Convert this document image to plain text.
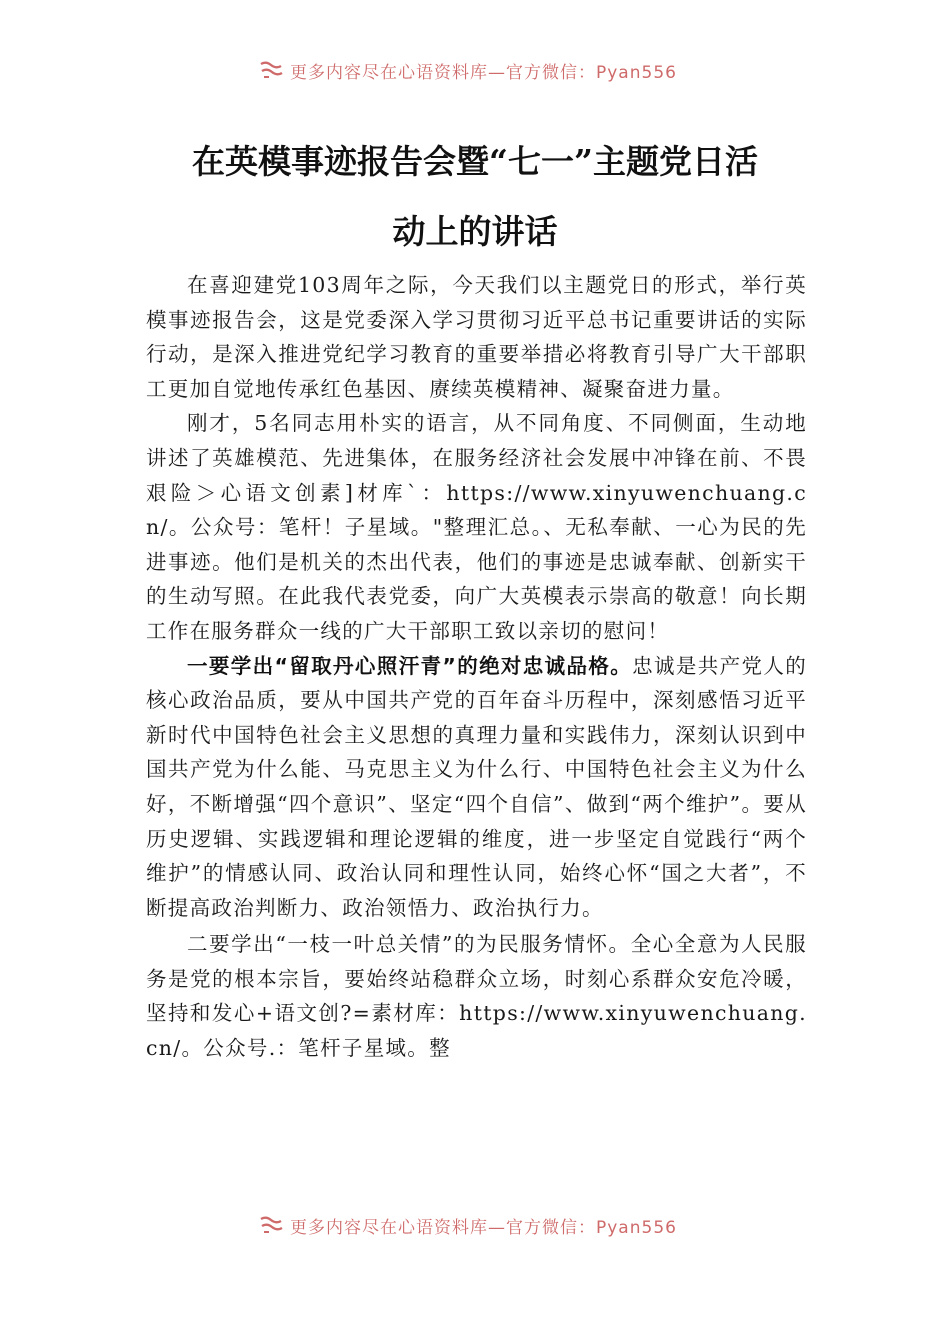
更多内容尽在心语资料库—官方微信：Pyan556
在英模事迹报告会暨“七一”主题党日活
动上的讲话

在喜迎建党103周年之际，今天我们以主题党日的形式，举行英模事迹报告会，这是党委深入学习贯彻习近平总书记重要讲话的实际行动，是深入推进党纪学习教育的重要举措必将教育引导广大干部职工更加自觉地传承红色基因、赓续英模精神、凝聚奋进力量。

刚才，5名同志用朴实的语言，从不同角度、不同侧面，生动地讲述了英雄模范、先进集体，在服务经济社会发展中冲锋在前、不畏艰险＞心语文创素]材库`：https://www.xinyuwenchuang.cn/。公众号：笔杆！子星域。"整理汇总。、无私奉献、一心为民的先进事迹。他们是机关的杰出代表，他们的事迹是忠诚奉献、创新实干的生动写照。在此我代表党委，向广大英模表示崇高的敬意！向长期工作在服务群众一线的广大干部职工致以亲切的慰问！

一要学出“留取丹心照汗青”的绝对忠诚品格。忠诚是共产党人的核心政治品质，要从中国共产党的百年奋斗历程中，深刻感悟习近平新时代中国特色社会主义思想的真理力量和实践伟力，深刻认识到中国共产党为什么能、马克思主义为什么行、中国特色社会主义为什么好，不断增强“四个意识”、坚定“四个自信”、做到“两个维护”。要从历史逻辑、实践逻辑和理论逻辑的维度，进一步坚定自觉践行“两个维护”的情感认同、政治认同和理性认同，始终心怀“国之大者”，不断提高政治判断力、政治领悟力、政治执行力。

二要学出“一枝一叶总关情”的为民服务情怀。全心全意为人民服务是党的根本宗旨，要始终站稳群众立场，时刻心系群众安危冷暖，坚持和发心+语文创?=素材库：https://www.xinyuwenchuang.cn/。公众号.：笔杆子星域。整

更多内容尽在心语资料库—官方微信：Pyan556
